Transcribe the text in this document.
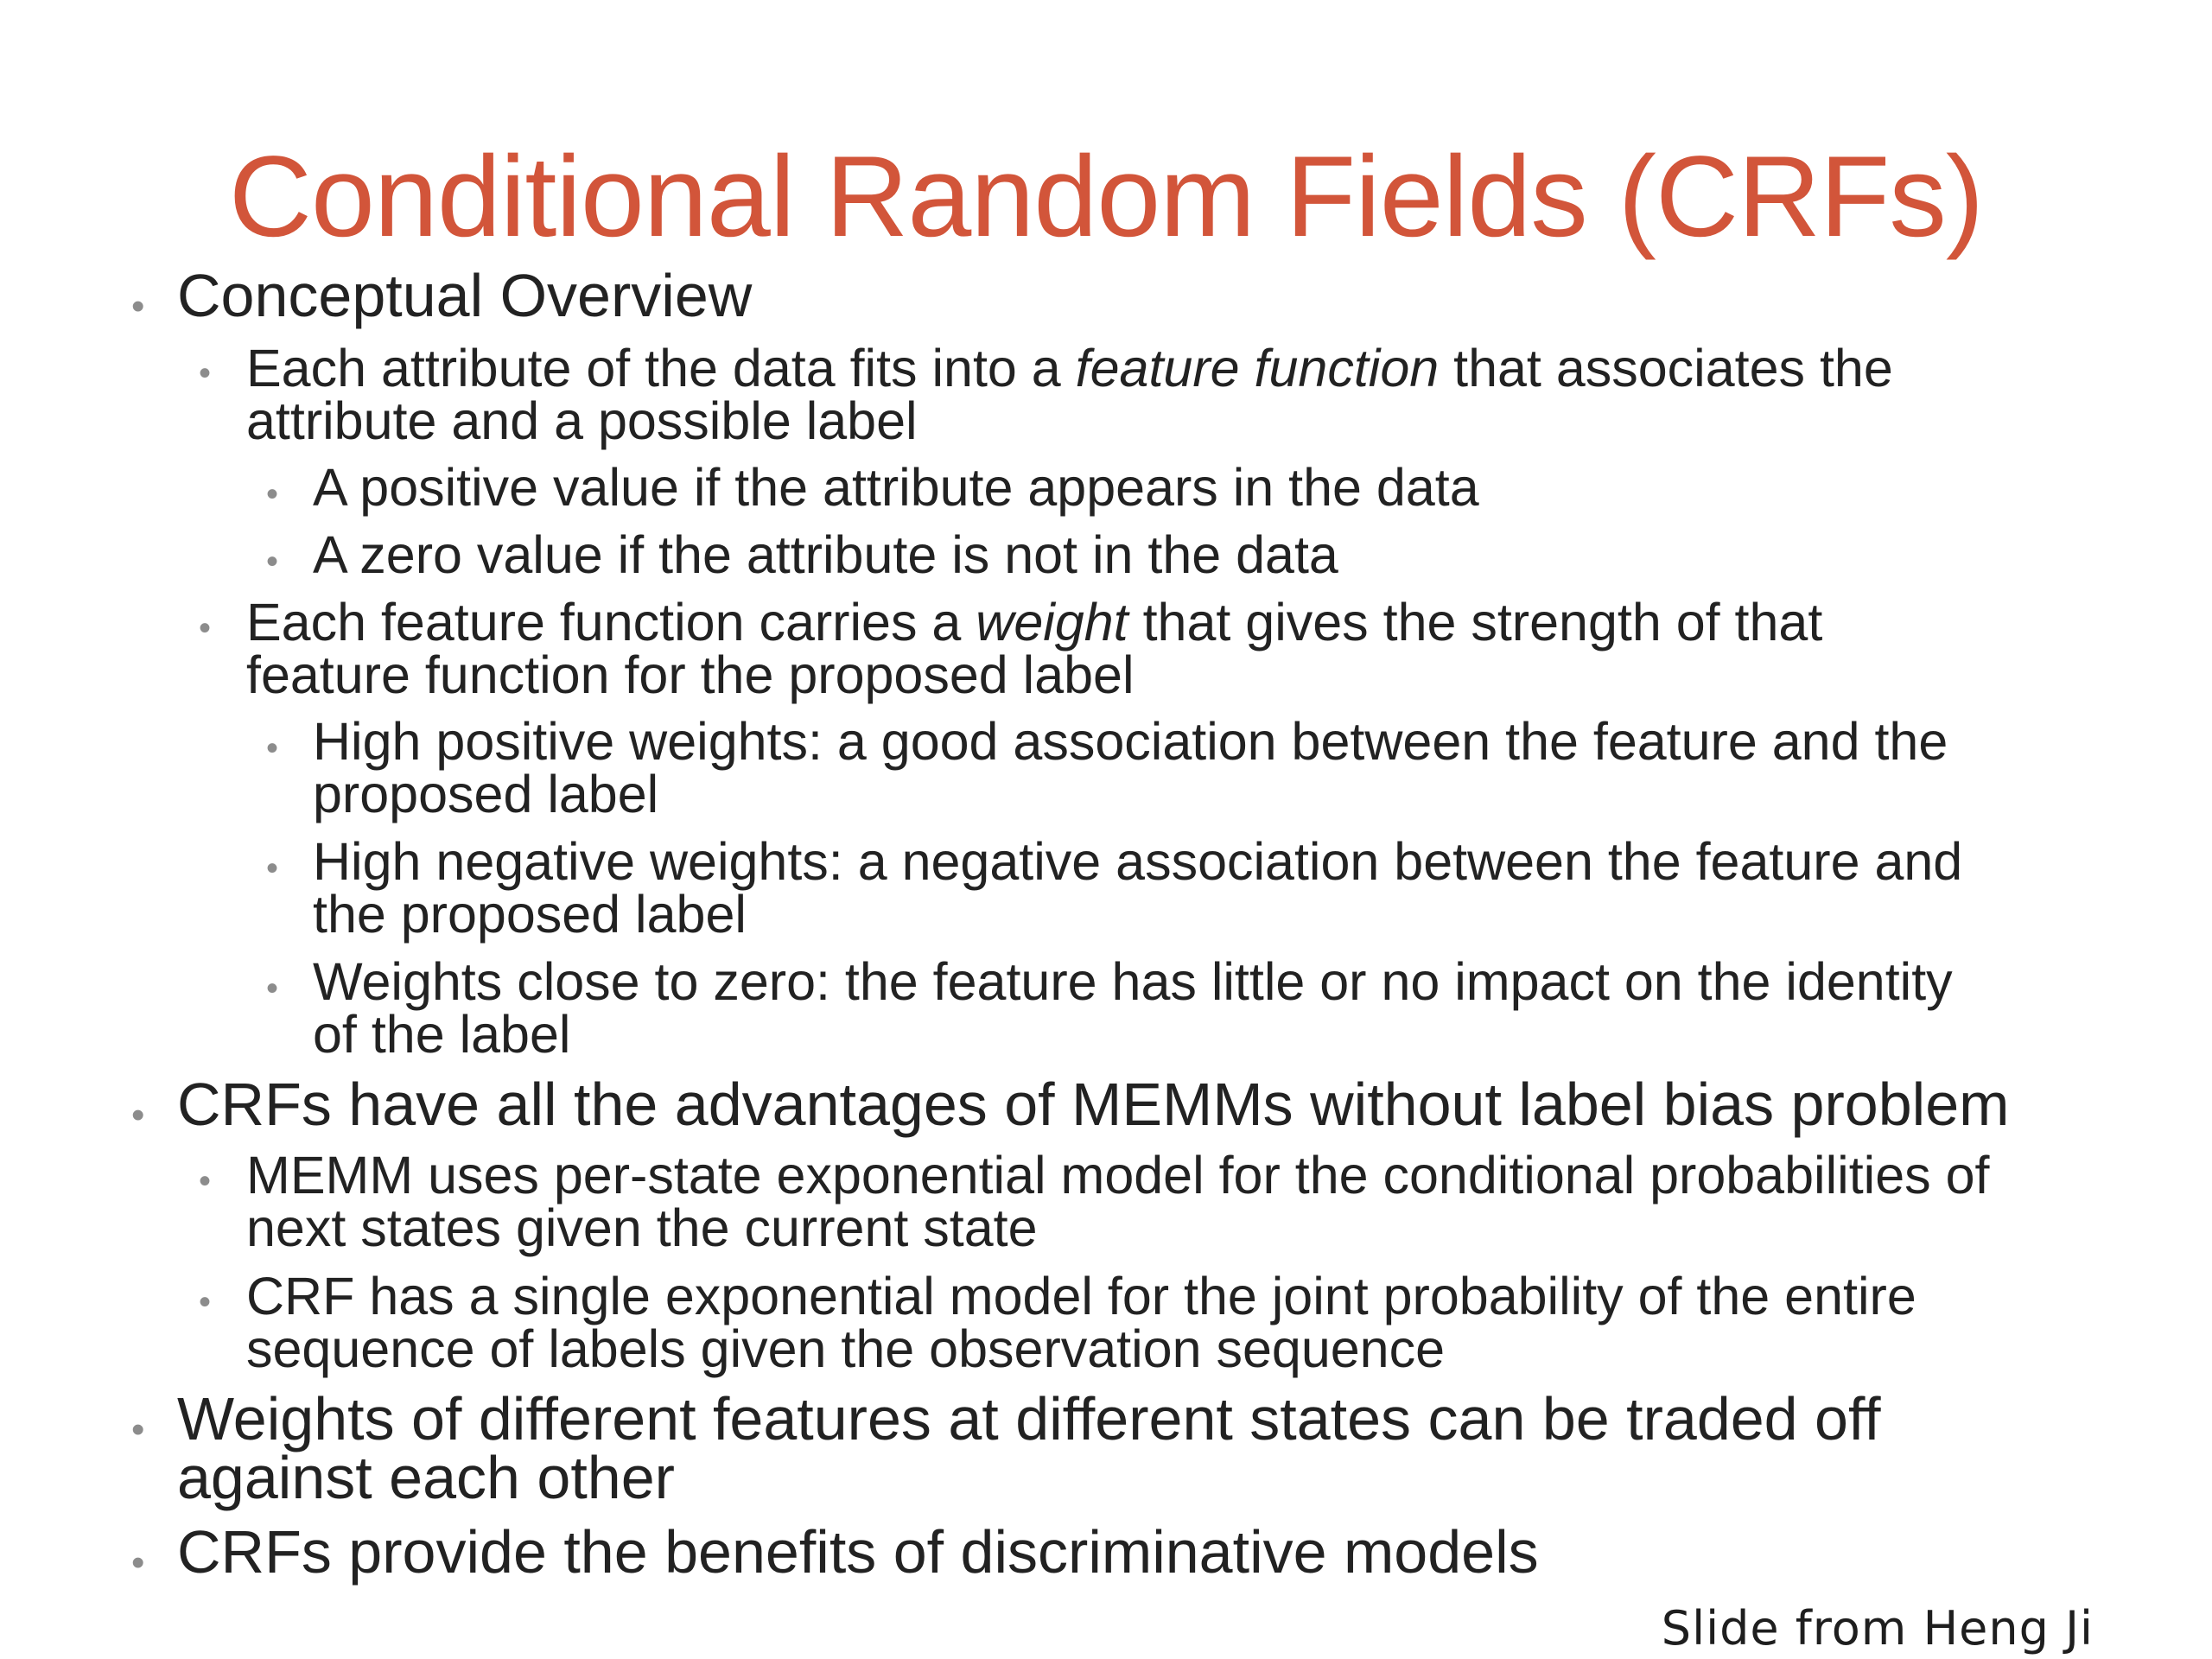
Conditional Random Fields (CRFs)
• Conceptual Overview
• Each attribute of the data fits into a feature function that associates the
attribute and a possible label
• A positive value if the attribute appears in the data
• A zero value if the attribute is not in the data
• Each feature function carries a weight that gives the strength of that
feature function for the proposed label
• High positive weights: a good association between the feature and the
proposed label
• High negative weights: a negative association between the feature and
the proposed label
• Weights close to zero: the feature has little or no impact on the identity
of the label
• CRFs have all the advantages of MEMMs without label bias problem
• MEMM uses per-state exponential model for the conditional probabilities of
next states given the current state
• CRF has a single exponential model for the joint probability of the entire
sequence of labels given the observation sequence
• Weights of different features at different states can be traded off
against each other
• CRFs provide the benefits of discriminative models
Slide from Heng Ji
